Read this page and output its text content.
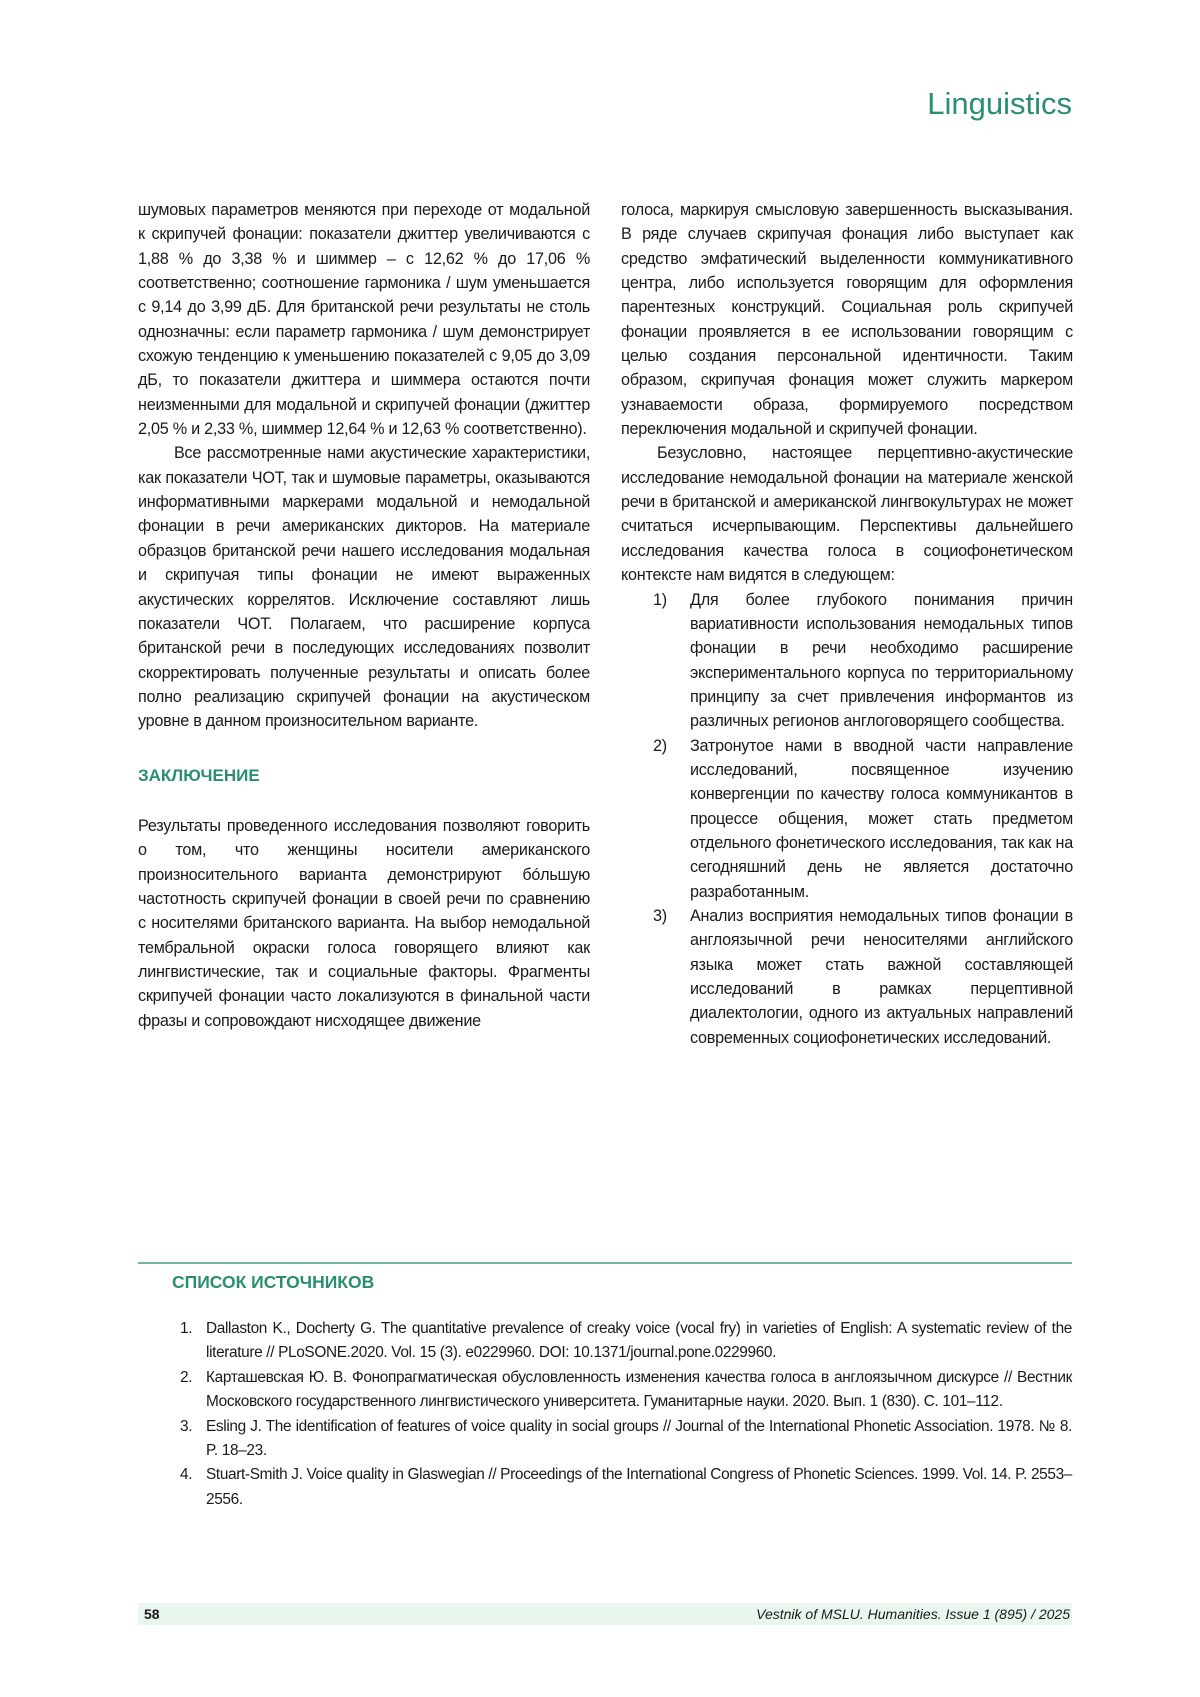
Linguistics

шумовых параметров меняются при переходе от модальной к скрипучей фонации: показатели джиттер увеличиваются с 1,88 % до 3,38 % и шиммер – с 12,62 % до 17,06 % соответственно; соотношение гармоника / шум уменьшается с 9,14 до 3,99 дБ. Для британской речи результаты не столь однозначны: если параметр гармоника / шум демонстрирует схожую тенденцию к уменьшению показателей с 9,05 до 3,09 дБ, то показатели джиттера и шиммера остаются почти неизменными для модальной и скрипучей фонации (джиттер 2,05 % и 2,33 %, шиммер 12,64 % и 12,63 % соответственно).

Все рассмотренные нами акустические характеристики, как показатели ЧОТ, так и шумовые параметры, оказываются информативными маркерами модальной и немодальной фонации в речи американских дикторов. На материале образцов британской речи нашего исследования модальная и скрипучая типы фонации не имеют выраженных акустических коррелятов. Исключение составляют лишь показатели ЧОТ. Полагаем, что расширение корпуса британской речи в последующих исследованиях позволит скорректировать полученные результаты и описать более полно реализацию скрипучей фонации на акустическом уровне в данном произносительном варианте.

ЗАКЛЮЧЕНИЕ

Результаты проведенного исследования позволяют говорить о том, что женщины носители американского произносительного варианта демонстрируют бóльшую частотность скрипучей фонации в своей речи по сравнению с носителями британского варианта. На выбор немодальной тембральной окраски голоса говорящего влияют как лингвистические, так и социальные факторы. Фрагменты скрипучей фонации часто локализуются в финальной части фразы и сопровождают нисходящее движение

голоса, маркируя смысловую завершенность высказывания. В ряде случаев скрипучая фонация либо выступает как средство эмфатический выделенности коммуникативного центра, либо используется говорящим для оформления парентезных конструкций. Социальная роль скрипучей фонации проявляется в ее использовании говорящим с целью создания персональной идентичности. Таким образом, скрипучая фонация может служить маркером узнаваемости образа, формируемого посредством переключения модальной и скрипучей фонации.

Безусловно, настоящее перцептивно-акустические исследование немодальной фонации на материале женской речи в британской и американской лингвокультурах не может считаться исчерпывающим. Перспективы дальнейшего исследования качества голоса в социофонетическом контексте нам видятся в следующем:

1) Для более глубокого понимания причин вариативности использования немодальных типов фонации в речи необходимо расширение экспериментального корпуса по территориальному принципу за счет привлечения информантов из различных регионов англоговорящего сообщества.
2) Затронутое нами в вводной части направление исследований, посвященное изучению конвергенции по качеству голоса коммуникантов в процессе общения, может стать предметом отдельного фонетического исследования, так как на сегодняшний день не является достаточно разработанным.
3) Анализ восприятия немодальных типов фонации в англоязычной речи неносителями английского языка может стать важной составляющей исследований в рамках перцептивной диалектологии, одного из актуальных направлений современных социофонетических исследований.
СПИСОК ИСТОЧНИКОВ
1. Dallaston K., Docherty G. The quantitative prevalence of creaky voice (vocal fry) in varieties of English: A systematic review of the literature // PLoSONE.2020. Vol. 15 (3). e0229960. DOI: 10.1371/journal.pone.0229960.
2. Карташевская Ю. В. Фонопрагматическая обусловленность изменения качества голоса в англоязычном дискурсе // Вестник Московского государственного лингвистического университета. Гуманитарные науки. 2020. Вып. 1 (830). С. 101–112.
3. Esling J. The identification of features of voice quality in social groups // Journal of the International Phonetic Association. 1978. № 8. P. 18–23.
4. Stuart-Smith J. Voice quality in Glaswegian // Proceedings of the International Congress of Phonetic Sciences. 1999. Vol. 14. P. 2553–2556.
58	Vestnik of MSLU. Humanities. Issue 1 (895) / 2025
